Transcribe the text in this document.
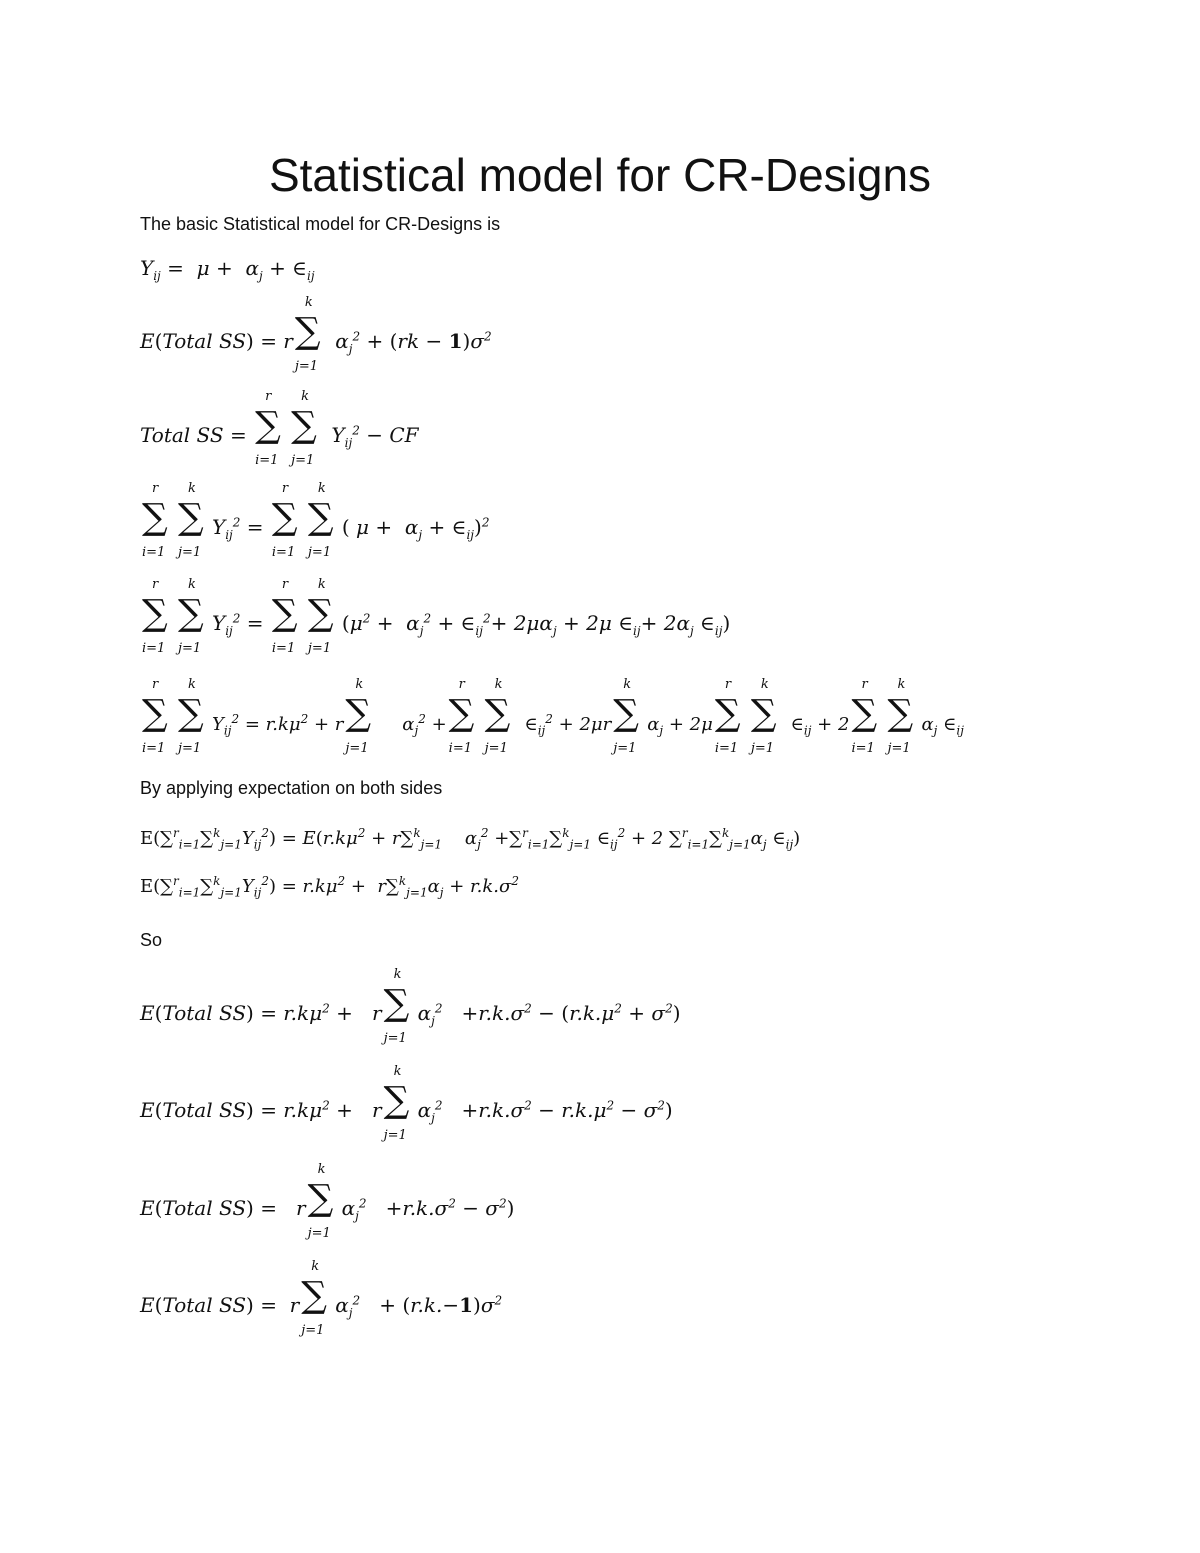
Statistical model for CR-Designs
The basic Statistical model for CR-Designs is
$Y_{ij} = \mu + \alpha_j$ + $\in_{ij}$
E(Total SS) = r ∑
k
j=1
$\alpha_j^2 + (rk - 1)\sigma^2$
Total SS = ∑
r
i=1
∑
k
j=1
$Y_{ij}^2$ − CF
∑
r
i=1
∑
k
j=1
$Y_{ij}^2$ = ∑
r
i=1
∑
k
j=1
( $\mu + \alpha_j$ + $\in_{ij})^2$
∑
r
i=1
∑
k
j=1
$Y_{ij}^2$ = ∑
r
i=1
∑
k
j=1
($\mu^2 + \alpha_j^2$ + $\in_{ij}^2+ 2\mu\alpha_j + 2\mu$ $\in_{ij}+ 2\alpha_j$ $\in_{ij}$)
∑
r
i=1
∑
k
j=1
$Y_{ij}^2 = r.k\mu^2 + r$ ∑
k
j=1
$\alpha_j^2$ + ∑
r
i=1
∑
k
j=1
$\in_{ij}^2 + 2\mu r$ ∑
k
j=1
$\alpha_j + 2\mu$ ∑
r
i=1
∑
k
j=1
$\in_{ij} + 2$ ∑
r
i=1
∑
k
j=1
$\alpha_j$ $\in_{ij}$
By applying expectation on both sides
$E(\sum^r_{i=1}\sum^k_{j=1}Y_{ij}^2) = E(r.k\mu^2 + r\sum^k_{j=1}$    $\alpha_j^2 +\sum^r_{i=1}\sum^k_{j=1}$ $\in_{ij}^2 + 2$ $\sum^r_{i=1}\sum^k_{j=1}\alpha_j$ $\in_{ij}$)
$E(\sum^r_{i=1}\sum^k_{j=1}Y_{ij}^2) = r.k\mu^2 + r\sum^k_{j=1}\alpha_j + r.k.\sigma^2$
So
E(Total $SS) = r.k\mu^2 + r$ ∑
k
j=1
$\alpha_j^2 +r.k.\sigma^2 - (r.k.\mu^2 + \sigma^2)$
E(Total $SS) = r.k\mu^2 + r$ ∑
k
j=1
$\alpha_j^2 +r.k.\sigma^2 - r.k.\mu^2 - \sigma^2$)
E(Total SS) =   r ∑
k
j=1
$\alpha_j^2 +r.k.\sigma^2 - \sigma^2$)
E(Total SS) =  r ∑
k
j=1
$\alpha_j^2 + (r.k.-1)\sigma^2$
